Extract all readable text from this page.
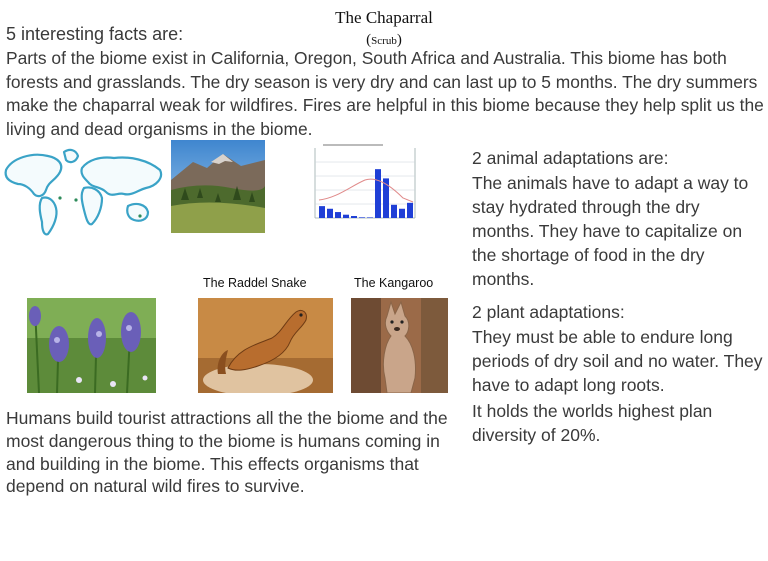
The Chaparral
(Scrub)
5 interesting facts are:
Parts of the biome exist in California, Oregon, South Africa and Australia. This biome has both forests and grasslands. The dry season is very dry and can last up to 5 months. The dry summers make the chaparral weak for wildfires. Fires are helpful in this biome because they help split us the living and dead organisms in the biome.
2 animal adaptations are:
The animals have to adapt a way to stay hydrated through the dry months. They have to capitalize on the shortage of food in the dry months.
The Raddel Snake	The Kangaroo
2 plant adaptations:
They must be able to endure long periods of dry soil and no water. They have to adapt long roots.
It holds the worlds highest plan diversity of 20%.
Humans build tourist attractions all the the biome and the most dangerous thing to the biome is humans coming in and building in the biome. This effects organisms that depend on natural wild fires to survive.
